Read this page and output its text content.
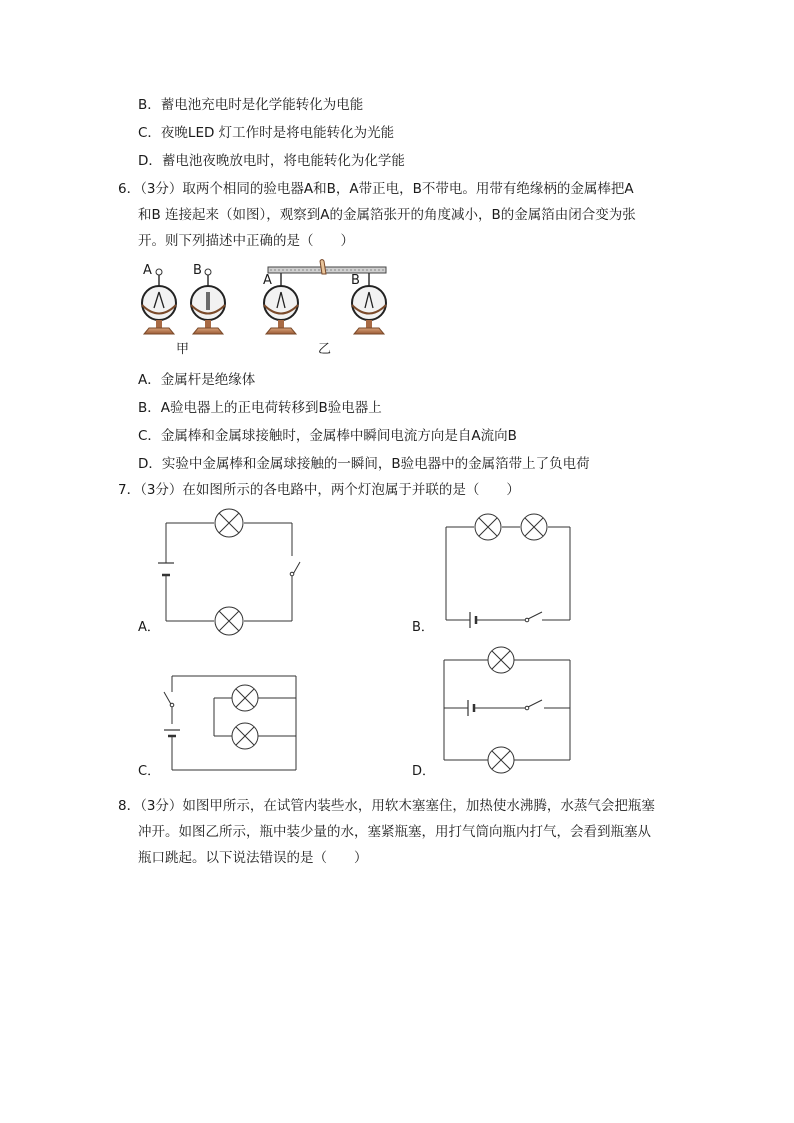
B．蓄电池充电时是化学能转化为电能
C．夜晚LED 灯工作时是将电能转化为光能
D．蓄电池夜晚放电时，将电能转化为化学能
6．（3分）取两个相同的验电器A和B，A带正电，B不带电。用带有绝缘柄的金属棒把A
和B 连接起来（如图），观察到A的金属箔张开的角度减小，B的金属箔由闭合变为张
开。则下列描述中正确的是（　　）
A	B
A	B
甲	乙
A．金属杆是绝缘体
B．A验电器上的正电荷转移到B验电器上
C．金属棒和金属球接触时，金属棒中瞬间电流方向是自A流向B
D．实验中金属棒和金属球接触的一瞬间，B验电器中的金属箔带上了负电荷
7．（3分）在如图所示的各电路中，两个灯泡属于并联的是（　　）
A．	B．
C．	D．
8．（3分）如图甲所示，在试管内装些水，用软木塞塞住，加热使水沸腾，水蒸气会把瓶塞
冲开。如图乙所示，瓶中装少量的水，塞紧瓶塞，用打气筒向瓶内打气，会看到瓶塞从
瓶口跳起。以下说法错误的是（　　）
